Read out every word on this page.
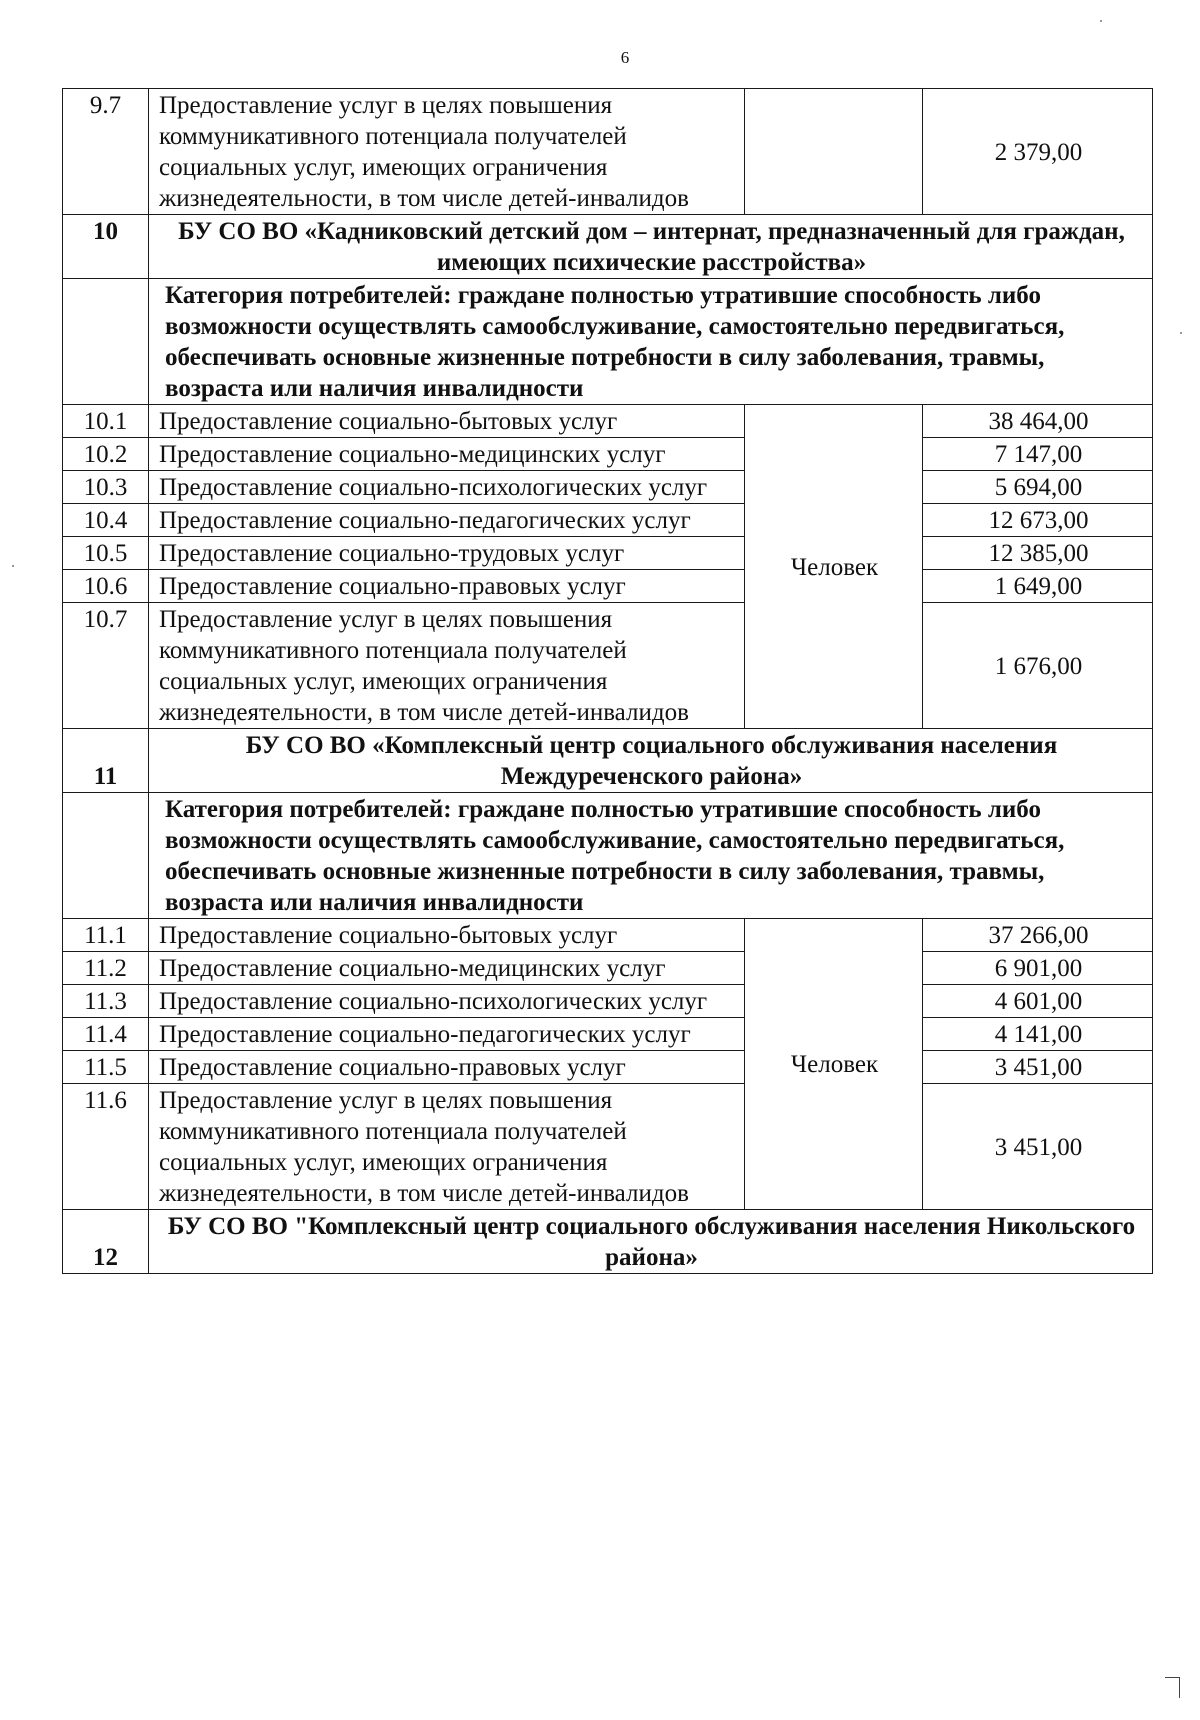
6
9.7	Предоставление услуг в целях повышения коммуникативного потенциала получателей социальных услуг, имеющих ограничения жизнедеятельности, в том числе детей-инвалидов		2 379,00
10	БУ СО ВО «Кадниковский детский дом – интернат, предназначенный для граждан, имеющих психические расстройства»		
	Категория потребителей: граждане полностью утратившие способность либо возможности осуществлять самообслуживание, самостоятельно передвигаться, обеспечивать основные жизненные потребности в силу заболевания, травмы, возраста или наличия инвалидности		
10.1	Предоставление социально-бытовых услуг	Человек	38 464,00
10.2	Предоставление социально-медицинских услуг		7 147,00
10.3	Предоставление социально-психологических услуг		5 694,00
10.4	Предоставление социально-педагогических услуг		12 673,00
10.5	Предоставление социально-трудовых услуг		12 385,00
10.6	Предоставление социально-правовых услуг		1 649,00
10.7	Предоставление услуг в целях повышения коммуникативного потенциала получателей социальных услуг, имеющих ограничения жизнедеятельности, в том числе детей-инвалидов		1 676,00
11	БУ СО ВО «Комплексный центр социального обслуживания населения Междуреченского района»		
	Категория потребителей: граждане полностью утратившие способность либо возможности осуществлять самообслуживание, самостоятельно передвигаться, обеспечивать основные жизненные потребности в силу заболевания, травмы, возраста или наличия инвалидности		
11.1	Предоставление социально-бытовых услуг	Человек	37 266,00
11.2	Предоставление социально-медицинских услуг		6 901,00
11.3	Предоставление социально-психологических услуг		4 601,00
11.4	Предоставление социально-педагогических услуг		4 141,00
11.5	Предоставление социально-правовых услуг		3 451,00
11.6	Предоставление услуг в целях повышения коммуникативного потенциала получателей социальных услуг, имеющих ограничения жизнедеятельности, в том числе детей-инвалидов		3 451,00
12	БУ СО ВО "Комплексный центр социального обслуживания населения Никольского района»		
